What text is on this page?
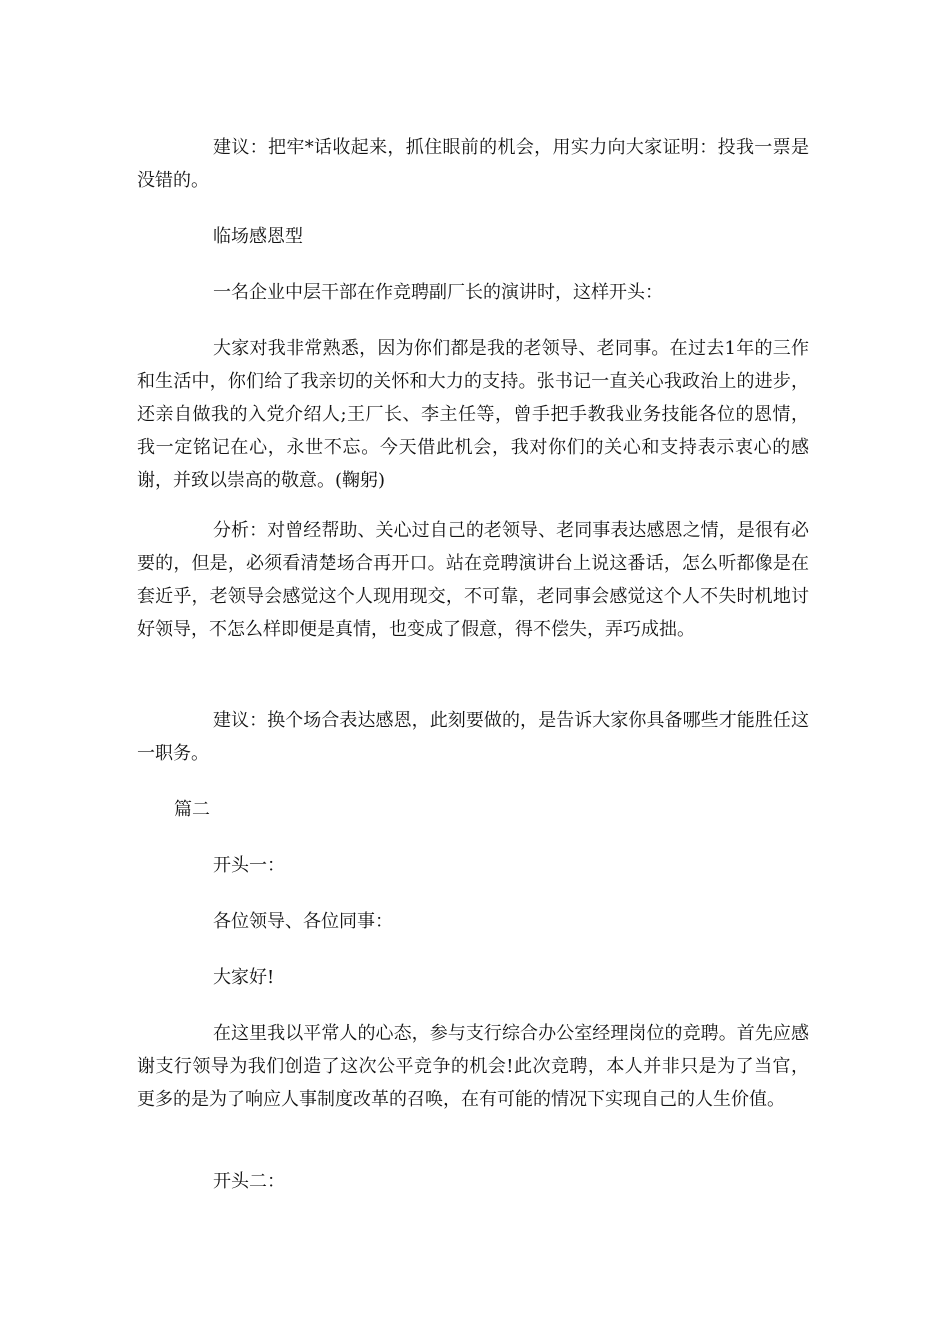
建议：把牢*话收起来，抓住眼前的机会，用实力向大家证明：投我一票是没错的。

临场感恩型

一名企业中层干部在作竞聘副厂长的演讲时，这样开头：

大家对我非常熟悉，因为你们都是我的老领导、老同事。在过去1年的三作和生活中，你们给了我亲切的关怀和大力的支持。张书记一直关心我政治上的进步，还亲自做我的入党介绍人;王厂长、李主任等，曾手把手教我业务技能各位的恩情，我一定铭记在心，永世不忘。今天借此机会，我对你们的关心和支持表示衷心的感谢，并致以崇高的敬意。(鞠躬)

分析：对曾经帮助、关心过自己的老领导、老同事表达感恩之情，是很有必要的，但是，必须看清楚场合再开口。站在竞聘演讲台上说这番话，怎么听都像是在套近乎，老领导会感觉这个人现用现交，不可靠，老同事会感觉这个人不失时机地讨好领导，不怎么样即便是真情，也变成了假意，得不偿失，弄巧成拙。

建议：换个场合表达感恩，此刻要做的，是告诉大家你具备哪些才能胜任这一职务。

篇二

开头一：

各位领导、各位同事：

大家好!

在这里我以平常人的心态，参与支行综合办公室经理岗位的竞聘。首先应感谢支行领导为我们创造了这次公平竞争的机会!此次竞聘，本人并非只是为了当官，更多的是为了响应人事制度改革的召唤，在有可能的情况下实现自己的人生价值。

开头二：
